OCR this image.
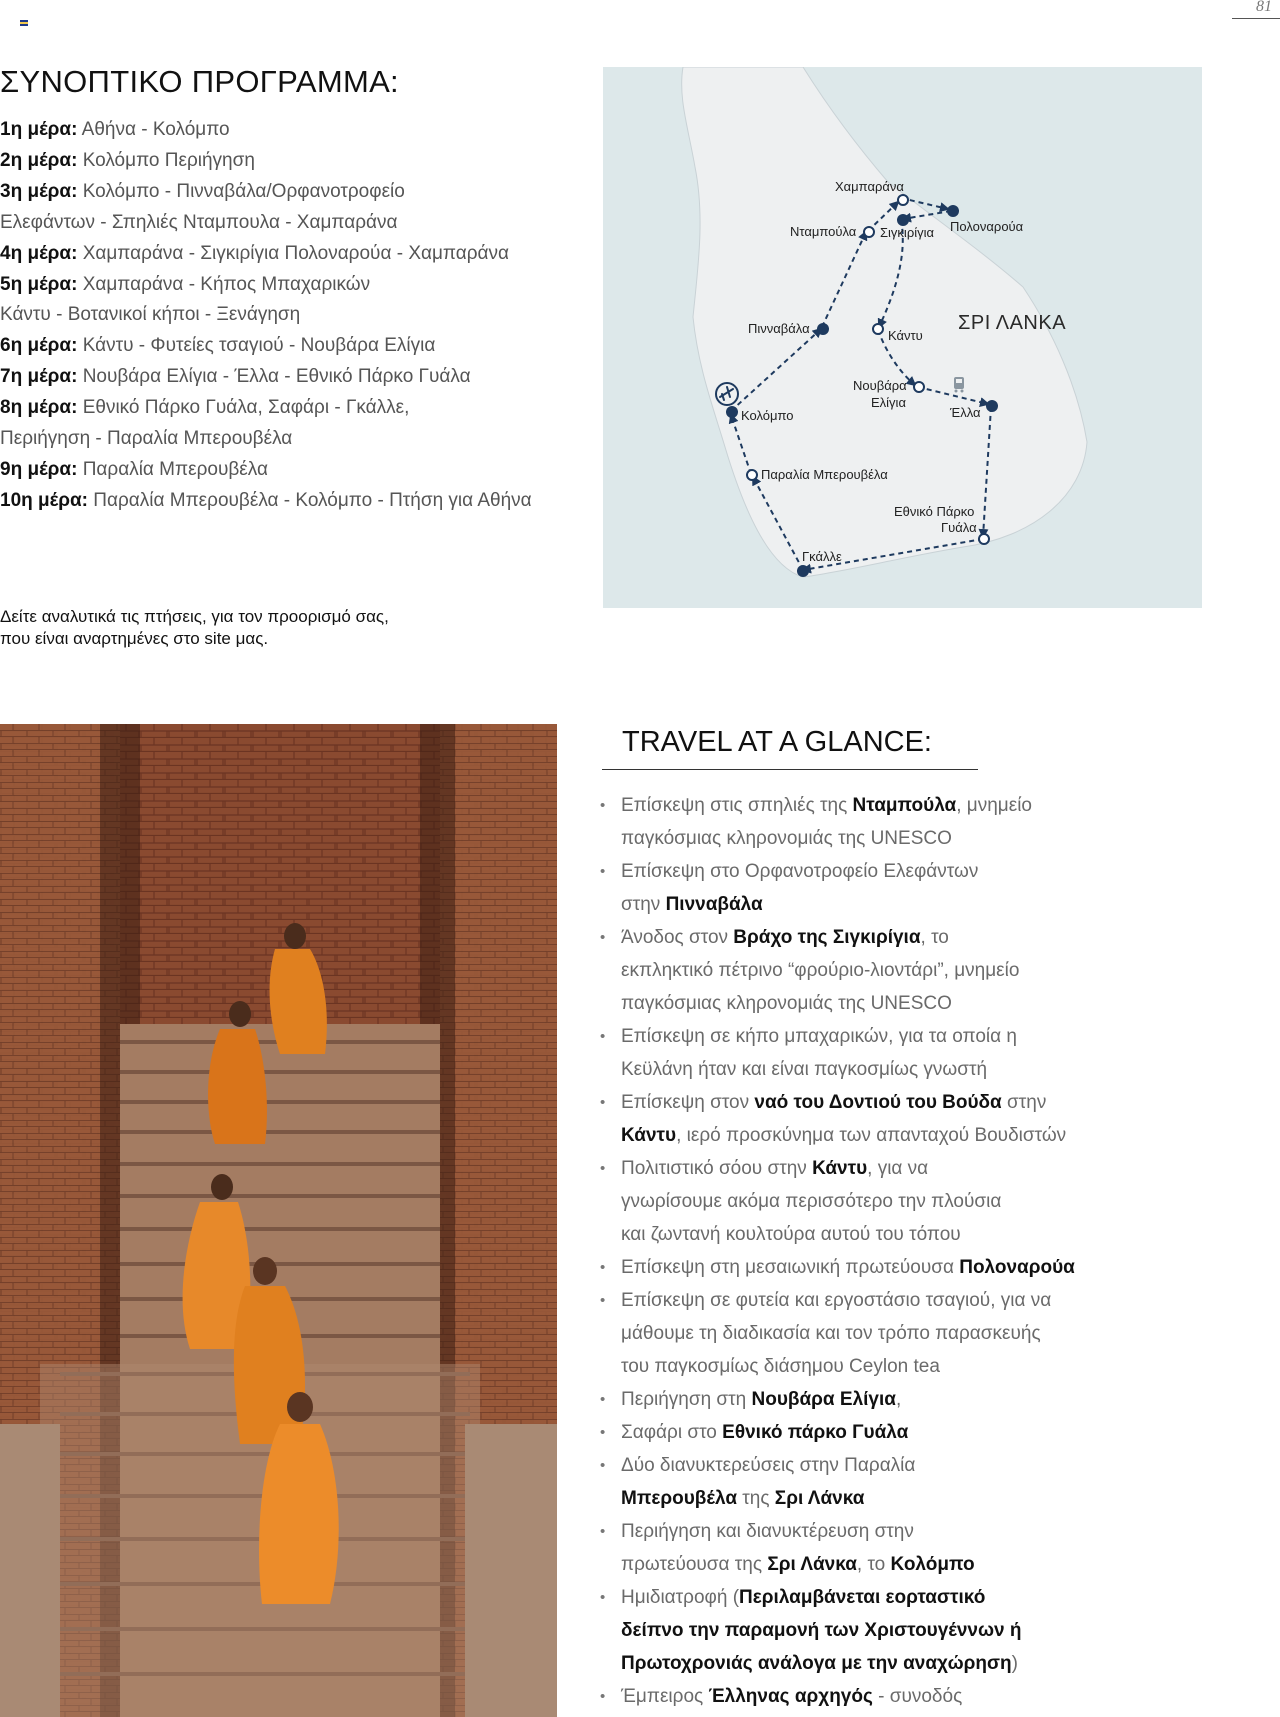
81
ΣΥΝΟΠΤΙΚΟ ΠΡΟΓΡΑΜΜΑ:
1η μέρα: Αθήνα - Κολόμπο
2η μέρα: Κολόμπο Περιήγηση
3η μέρα: Κολόμπο - Πινναβάλα/Ορφανοτροφείο
Ελεφάντων - Σπηλιές Νταμπουλα - Χαμπαράνα
4η μέρα: Χαμπαράνα - Σιγκιρίγια Πολοναρούα - Χαμπαράνα
5η μέρα: Χαμπαράνα - Κήπος Μπαχαρικών
Κάντυ - Βοτανικοί κήποι - Ξενάγηση
6η μέρα: Κάντυ - Φυτείες τσαγιού - Νουβάρα Ελίγια
7η μέρα: Νουβάρα Ελίγια - Έλλα - Εθνικό Πάρκο Γυάλα
8η μέρα: Εθνικό Πάρκο Γυάλα, Σαφάρι - Γκάλλε,
Περιήγηση - Παραλία Μπερουβέλα
9η μέρα: Παραλία Μπερουβέλα
10η μέρα: Παραλία Μπερουβέλα - Κολόμπο - Πτήση για Αθήνα
Δείτε αναλυτικά τις πτήσεις, για τον προορισμό σας,
που είναι αναρτημένες στο site μας.
Χαμπαράνα
Νταμπούλα Σιγκιρίγια Πολοναρούα
Πινναβάλα	Κάντυ
ΣΡΙ ΛΑΝΚΑ
Νουβάρα
Ελίγια
Έλλα
Κολόμπο
Παραλία Μπερουβέλα
Εθνικό Πάρκο
Γυάλα
Γκάλλε
TRAVEL AT A GLANCE:
• Επίσκεψη στις σπηλιές της Νταμπούλα, μνημείο
παγκόσμιας κληρονομιάς της UNESCO
• Επίσκεψη στο Ορφανοτροφείο Ελεφάντων
στην Πινναβάλα
• Άνοδος στον Βράχο της Σιγκιρίγια, το
εκπληκτικό πέτρινο “φρούριο-λιοντάρι”, μνημείο
παγκόσμιας κληρονομιάς της UNESCO
• Επίσκεψη σε κήπο μπαχαρικών, για τα οποία η
Κεϋλάνη ήταν και είναι παγκοσμίως γνωστή
• Επίσκεψη στον ναό του Δοντιού του Βούδα στην
Κάντυ, ιερό προσκύνημα των απανταχού Βουδιστών
• Πολιτιστικό σόου στην Κάντυ, για να
γνωρίσουμε ακόμα περισσότερο την πλούσια
και ζωντανή κουλτούρα αυτού του τόπου
• Επίσκεψη στη μεσαιωνική πρωτεύουσα Πολοναρούα
• Επίσκεψη σε φυτεία και εργοστάσιο τσαγιού, για να
μάθουμε τη διαδικασία και τον τρόπο παρασκευής
του παγκοσμίως διάσημου Ceylon tea
• Περιήγηση στη Νουβάρα Ελίγια,
• Σαφάρι στο Εθνικό πάρκο Γυάλα
• Δύο διανυκτερεύσεις στην Παραλία
Μπερουβέλα της Σρι Λάνκα
• Περιήγηση και διανυκτέρευση στην
πρωτεύουσα της Σρι Λάνκα, το Κολόμπο
• Ημιδιατροφή (Περιλαμβάνεται εορταστικό
δείπνο την παραμονή των Χριστουγέννων ή
Πρωτοχρονιάς ανάλογα με την αναχώρηση)
• Έμπειρος Έλληνας αρχηγός - συνοδός
